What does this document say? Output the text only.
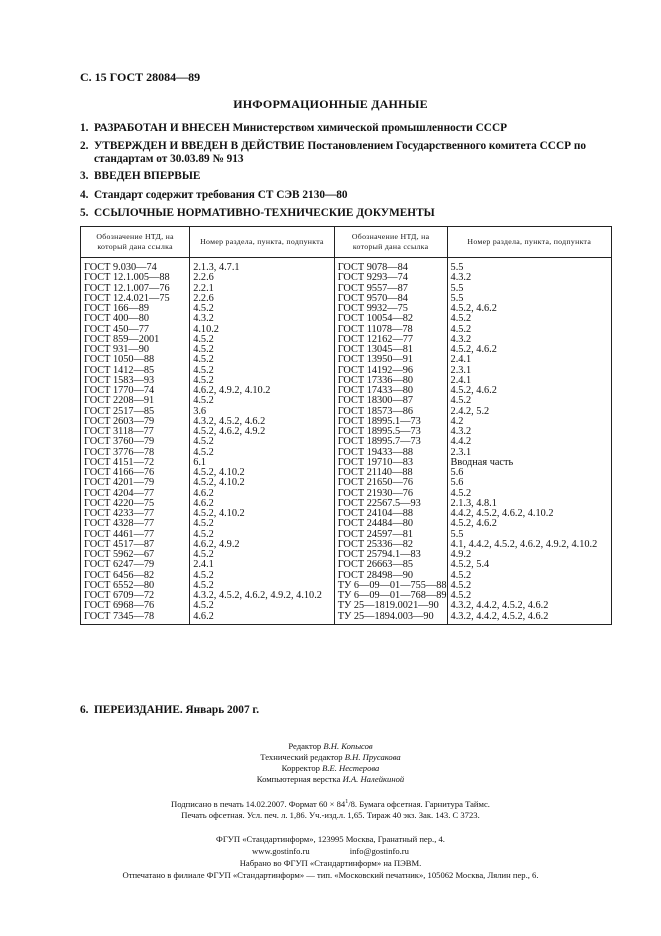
С. 15 ГОСТ 28084—89
ИНФОРМАЦИОННЫЕ ДАННЫЕ
1. РАЗРАБОТАН И ВНЕСЕН Министерством химической промышленности СССР
2. УТВЕРЖДЕН И ВВЕДЕН В ДЕЙСТВИЕ Постановлением Государственного комитета СССР по стандартам от 30.03.89 № 913
3. ВВЕДЕН ВПЕРВЫЕ
4. Стандарт содержит требования СТ СЭВ 2130—80
5. ССЫЛОЧНЫЕ НОРМАТИВНО-ТЕХНИЧЕСКИЕ ДОКУМЕНТЫ
Обозначение НТД, на который дана ссылка	Номер раздела, пункта, подпункта	Обозначение НТД, на который дана ссылка	Номер раздела, пункта, подпункта
ГОСТ 9.030—74	2.1.3, 4.7.1	ГОСТ 9078—84	5.5
ГОСТ 12.1.005—88	2.2.6	ГОСТ 9293—74	4.3.2
ГОСТ 12.1.007—76	2.2.1	ГОСТ 9557—87	5.5
ГОСТ 12.4.021—75	2.2.6	ГОСТ 9570—84	5.5
ГОСТ 166—89	4.5.2	ГОСТ 9932—75	4.5.2, 4.6.2
ГОСТ 400—80	4.3.2	ГОСТ 10054—82	4.5.2
ГОСТ 450—77	4.10.2	ГОСТ 11078—78	4.5.2
ГОСТ 859—2001	4.5.2	ГОСТ 12162—77	4.3.2
ГОСТ 931—90	4.5.2	ГОСТ 13045—81	4.5.2, 4.6.2
ГОСТ 1050—88	4.5.2	ГОСТ 13950—91	2.4.1
ГОСТ 1412—85	4.5.2	ГОСТ 14192—96	2.3.1
ГОСТ 1583—93	4.5.2	ГОСТ 17336—80	2.4.1
ГОСТ 1770—74	4.6.2, 4.9.2, 4.10.2	ГОСТ 17433—80	4.5.2, 4.6.2
ГОСТ 2208—91	4.5.2	ГОСТ 18300—87	4.5.2
ГОСТ 2517—85	3.6	ГОСТ 18573—86	2.4.2, 5.2
ГОСТ 2603—79	4.3.2, 4.5.2, 4.6.2	ГОСТ 18995.1—73	4.2
ГОСТ 3118—77	4.5.2, 4.6.2, 4.9.2	ГОСТ 18995.5—73	4.3.2
ГОСТ 3760—79	4.5.2	ГОСТ 18995.7—73	4.4.2
ГОСТ 3776—78	4.5.2	ГОСТ 19433—88	2.3.1
ГОСТ 4151—72	6.1	ГОСТ 19710—83	Вводная часть
ГОСТ 4166—76	4.5.2, 4.10.2	ГОСТ 21140—88	5.6
ГОСТ 4201—79	4.5.2, 4.10.2	ГОСТ 21650—76	5.6
ГОСТ 4204—77	4.6.2	ГОСТ 21930—76	4.5.2
ГОСТ 4220—75	4.6.2	ГОСТ 22567.5—93	2.1.3, 4.8.1
ГОСТ 4233—77	4.5.2, 4.10.2	ГОСТ 24104—88	4.4.2, 4.5.2, 4.6.2, 4.10.2
ГОСТ 4328—77	4.5.2	ГОСТ 24484—80	4.5.2, 4.6.2
ГОСТ 4461—77	4.5.2	ГОСТ 24597—81	5.5
ГОСТ 4517—87	4.6.2, 4.9.2	ГОСТ 25336—82	4.1, 4.4.2, 4.5.2, 4.6.2, 4.9.2, 4.10.2
ГОСТ 5962—67	4.5.2	ГОСТ 25794.1—83	4.9.2
ГОСТ 6247—79	2.4.1	ГОСТ 26663—85	4.5.2, 5.4
ГОСТ 6456—82	4.5.2	ГОСТ 28498—90	4.5.2
ГОСТ 6552—80	4.5.2	ТУ 6—09—01—755—88	4.5.2
ГОСТ 6709—72	4.3.2, 4.5.2, 4.6.2, 4.9.2, 4.10.2	ТУ 6—09—01—768—89	4.5.2
ГОСТ 6968—76	4.5.2	ТУ 25—1819.0021—90	4.3.2, 4.4.2, 4.5.2, 4.6.2
ГОСТ 7345—78	4.6.2	ТУ 25—1894.003—90	4.3.2, 4.4.2, 4.5.2, 4.6.2
6. ПЕРЕИЗДАНИЕ. Январь 2007 г.
Редактор В.Н. Копысов
Технический редактор В.Н. Прусакова
Корректор В.Е. Нестерова
Компьютерная верстка И.А. Налейкиной
Подписано в печать 14.02.2007. Формат $60 \times 84^1/8$. Бумага офсетная. Гарнитура Таймс.
Печать офсетная. Усл. печ. л. 1,86. Уч.-изд.л. 1,65. Тираж 40 экз. Зак. 143. С 3723.
ФГУП «Стандартинформ», 123995 Москва, Гранатный пер., 4.
www.gostinfo.ru	info@gostinfo.ru
Набрано во ФГУП «Стандартинформ» на ПЭВМ.
Отпечатано в филиале ФГУП «Стандартинформ» — тип. «Московский печатник», 105062 Москва, Лялин пер., 6.
